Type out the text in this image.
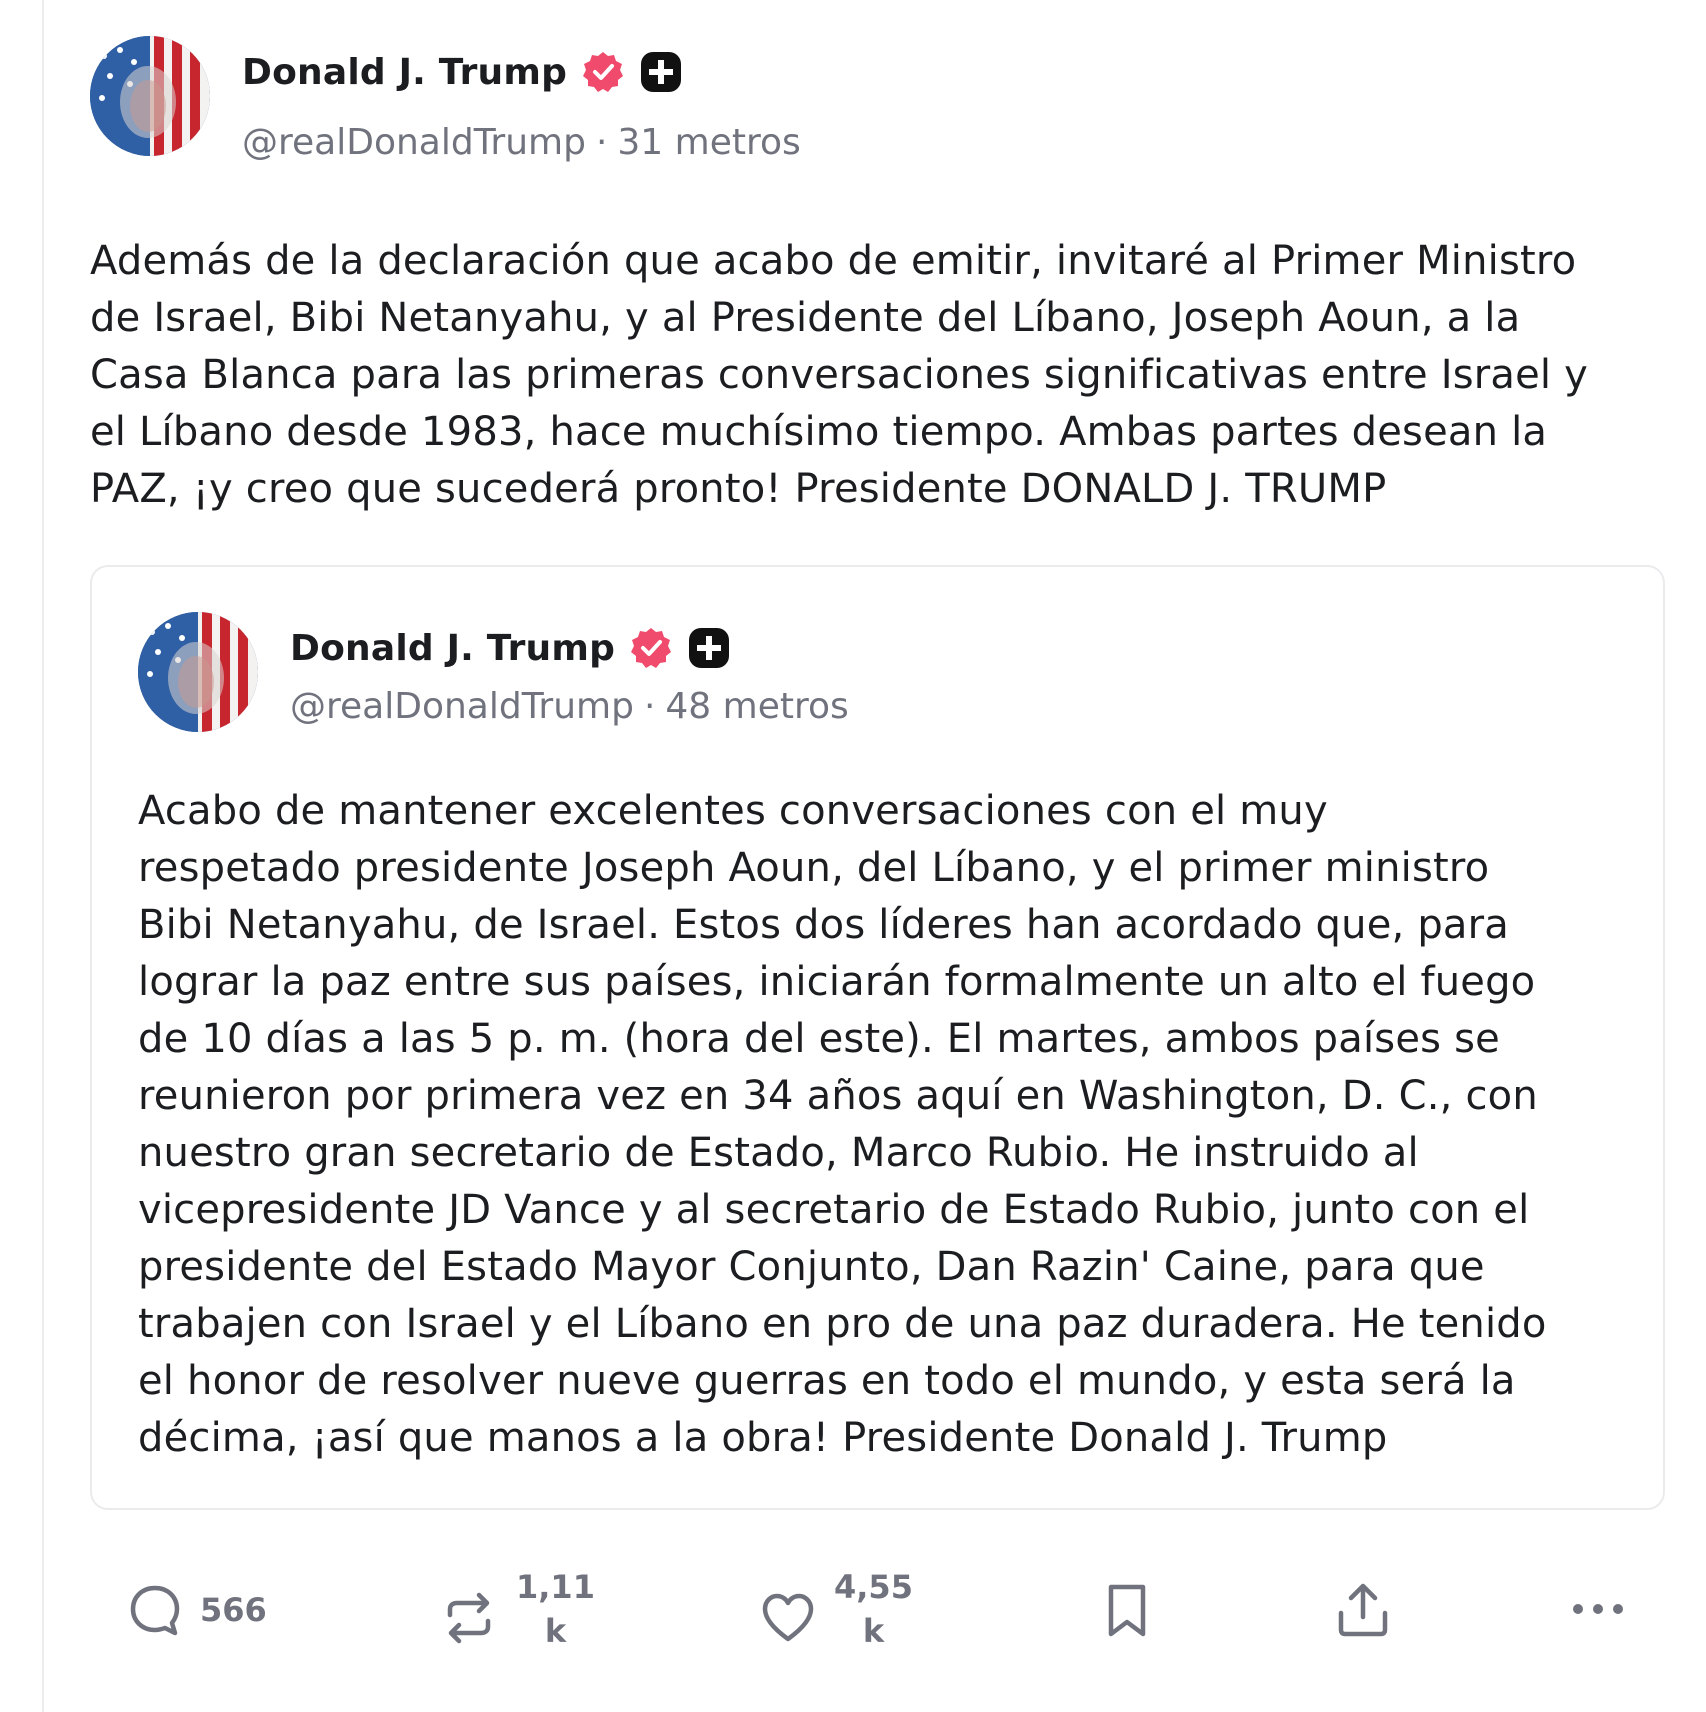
Donald J. Trump
@realDonaldTrump · 31 metros
Además de la declaración que acabo de emitir, invitaré al Primer Ministro
de Israel, Bibi Netanyahu, y al Presidente del Líbano, Joseph Aoun, a la
Casa Blanca para las primeras conversaciones significativas entre Israel y
el Líbano desde 1983, hace muchísimo tiempo. Ambas partes desean la
PAZ, ¡y creo que sucederá pronto! Presidente DONALD J. TRUMP
Donald J. Trump
@realDonaldTrump · 48 metros
Acabo de mantener excelentes conversaciones con el muy
respetado presidente Joseph Aoun, del Líbano, y el primer ministro
Bibi Netanyahu, de Israel. Estos dos líderes han acordado que, para
lograr la paz entre sus países, iniciarán formalmente un alto el fuego
de 10 días a las 5 p. m. (hora del este). El martes, ambos países se
reunieron por primera vez en 34 años aquí en Washington, D. C., con
nuestro gran secretario de Estado, Marco Rubio. He instruido al
vicepresidente JD Vance y al secretario de Estado Rubio, junto con el
presidente del Estado Mayor Conjunto, Dan Razin' Caine, para que
trabajen con Israel y el Líbano en pro de una paz duradera. He tenido
el honor de resolver nueve guerras en todo el mundo, y esta será la
décima, ¡así que manos a la obra! Presidente Donald J. Trump
566
1,11
k
4,55
k
